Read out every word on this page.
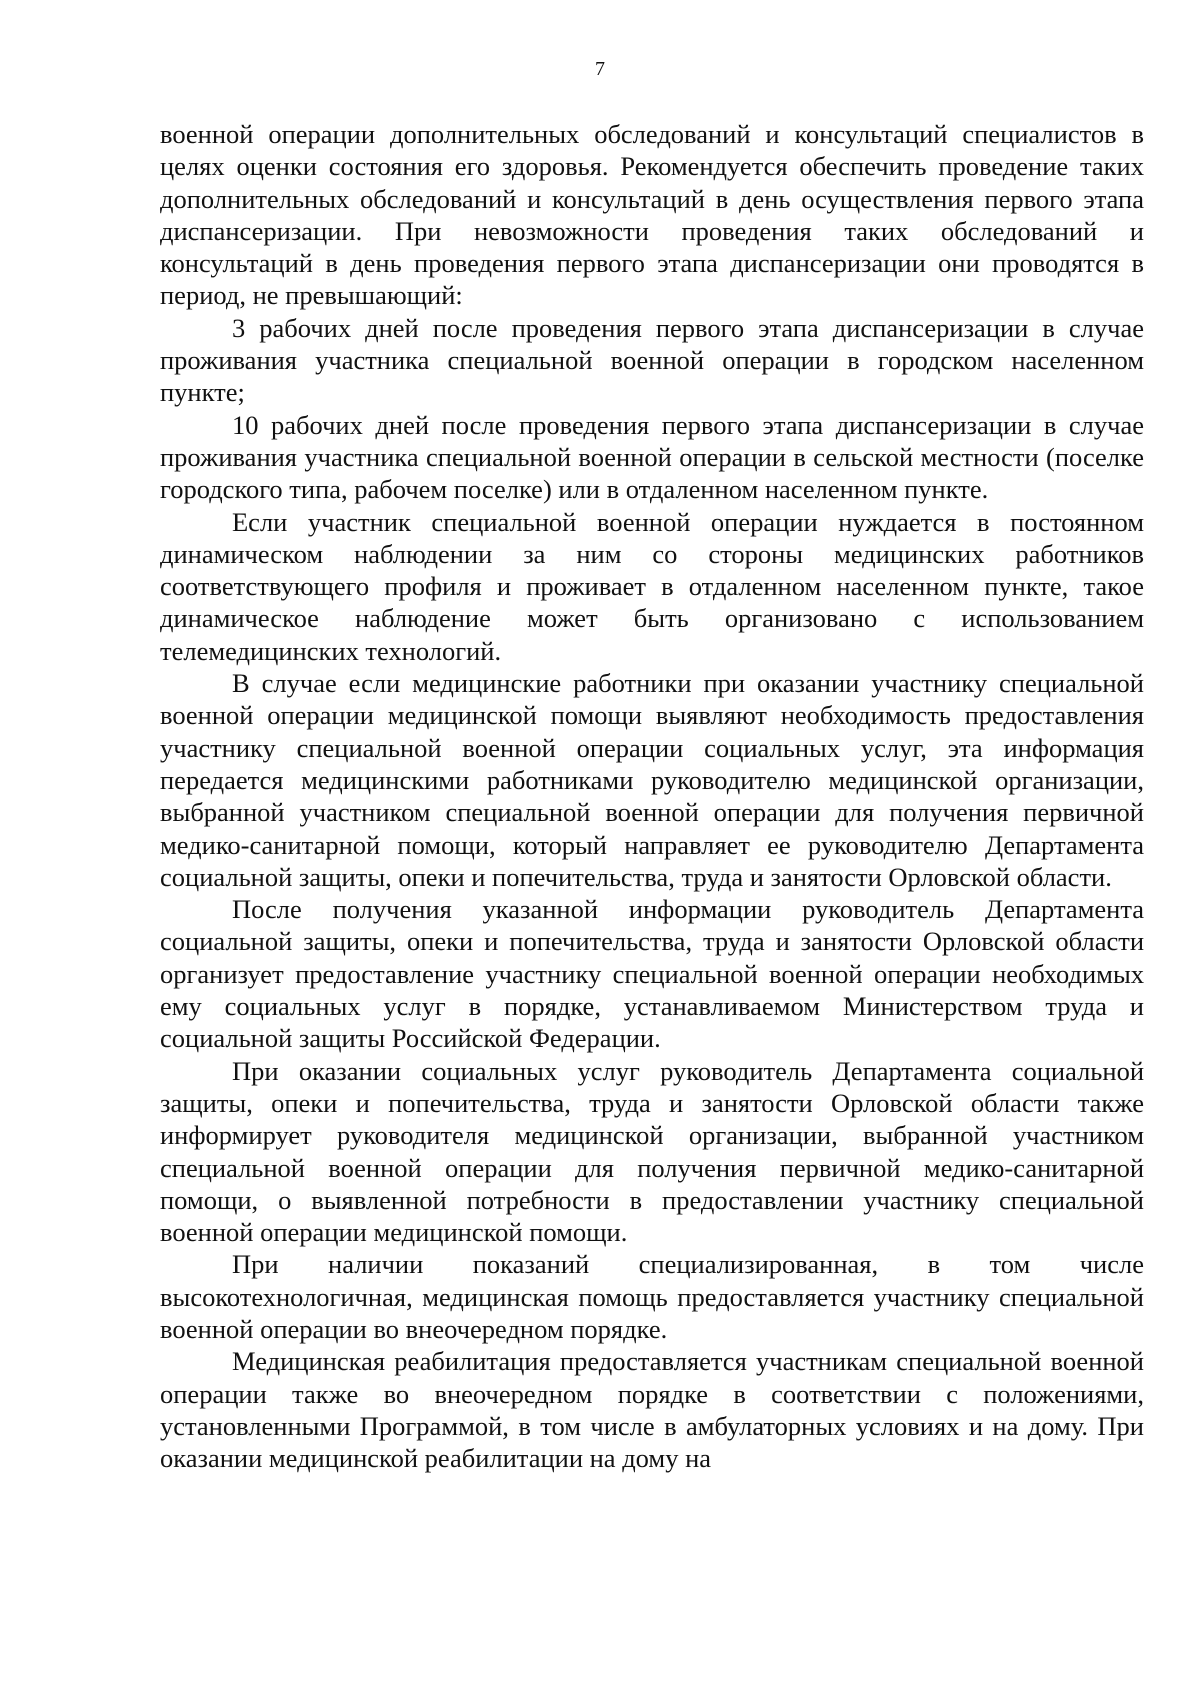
7

военной операции дополнительных обследований и консультаций специалистов в целях оценки состояния его здоровья. Рекомендуется обеспечить проведение таких дополнительных обследований и консультаций в день осуществления первого этапа диспансеризации. При невозможности проведения таких обследований и консультаций в день проведения первого этапа диспансеризации они проводятся в период, не превышающий:

3 рабочих дней после проведения первого этапа диспансеризации в случае проживания участника специальной военной операции в городском населенном пункте;

10 рабочих дней после проведения первого этапа диспансеризации в случае проживания участника специальной военной операции в сельской местности (поселке городского типа, рабочем поселке) или в отдаленном населенном пункте.

Если участник специальной военной операции нуждается в постоянном динамическом наблюдении за ним со стороны медицинских работников соответствующего профиля и проживает в отдаленном населенном пункте, такое динамическое наблюдение может быть организовано с использованием телемедицинских технологий.

В случае если медицинские работники при оказании участнику специальной военной операции медицинской помощи выявляют необходимость предоставления участнику специальной военной операции социальных услуг, эта информация передается медицинскими работниками руководителю медицинской организации, выбранной участником специальной военной операции для получения первичной медико-санитарной помощи, который направляет ее руководителю Департамента социальной защиты, опеки и попечительства, труда и занятости Орловской области.

После получения указанной информации руководитель Департамента социальной защиты, опеки и попечительства, труда и занятости Орловской области организует предоставление участнику специальной военной операции необходимых ему социальных услуг в порядке, устанавливаемом Министерством труда и социальной защиты Российской Федерации.

При оказании социальных услуг руководитель Департамента социальной защиты, опеки и попечительства, труда и занятости Орловской области также информирует руководителя медицинской организации, выбранной участником специальной военной операции для получения первичной медико-санитарной помощи, о выявленной потребности в предоставлении участнику специальной военной операции медицинской помощи.

При наличии показаний специализированная, в том числе высокотехнологичная, медицинская помощь предоставляется участнику специальной военной операции во внеочередном порядке.

Медицинская реабилитация предоставляется участникам специальной военной операции также во внеочередном порядке в соответствии с положениями, установленными Программой, в том числе в амбулаторных условиях и на дому. При оказании медицинской реабилитации на дому на
